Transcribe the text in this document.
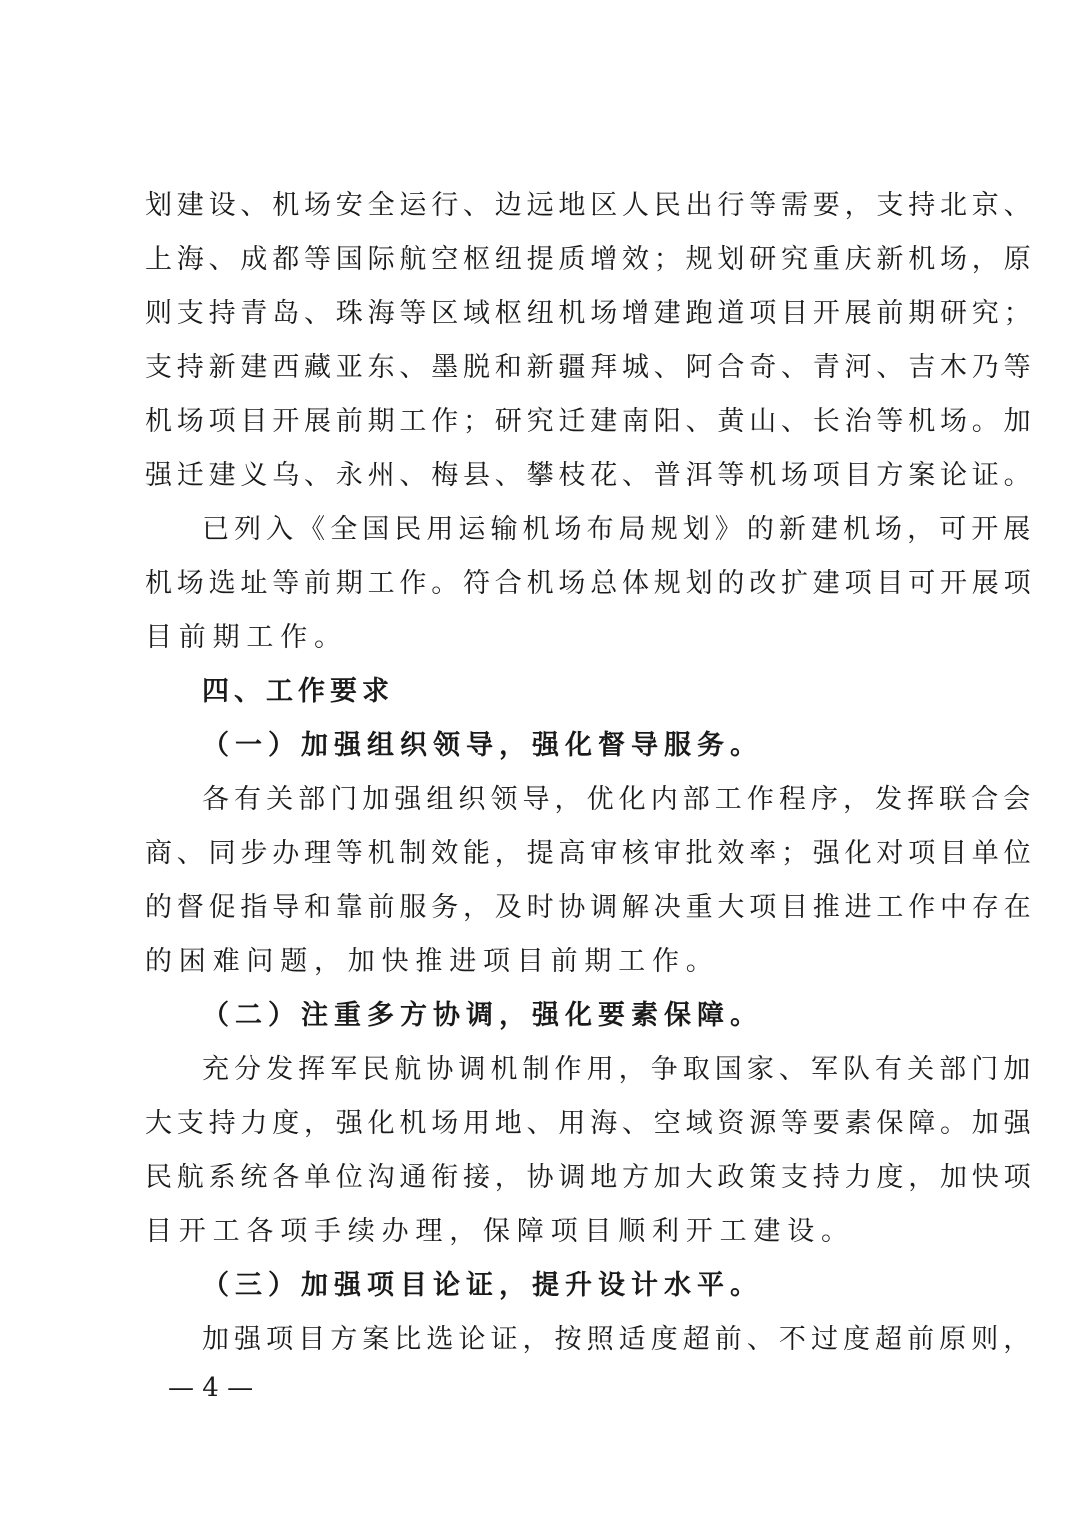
划建设、机场安全运行、边远地区人民出行等需要，支持北京、
上海、成都等国际航空枢纽提质增效；规划研究重庆新机场，原
则支持青岛、珠海等区域枢纽机场增建跑道项目开展前期研究；
支持新建西藏亚东、墨脱和新疆拜城、阿合奇、青河、吉木乃等
机场项目开展前期工作；研究迁建南阳、黄山、长治等机场。加
强迁建义乌、永州、梅县、攀枝花、普洱等机场项目方案论证。
已列入《全国民用运输机场布局规划》的新建机场，可开展
机场选址等前期工作。符合机场总体规划的改扩建项目可开展项
目前期工作。
四、工作要求
（一）加强组织领导，强化督导服务。
各有关部门加强组织领导，优化内部工作程序，发挥联合会
商、同步办理等机制效能，提高审核审批效率；强化对项目单位
的督促指导和靠前服务，及时协调解决重大项目推进工作中存在
的困难问题，加快推进项目前期工作。
（二）注重多方协调，强化要素保障。
充分发挥军民航协调机制作用，争取国家、军队有关部门加
大支持力度，强化机场用地、用海、空域资源等要素保障。加强
民航系统各单位沟通衔接，协调地方加大政策支持力度，加快项
目开工各项手续办理，保障项目顺利开工建设。
（三）加强项目论证，提升设计水平。
加强项目方案比选论证，按照适度超前、不过度超前原则，
— 4 —
